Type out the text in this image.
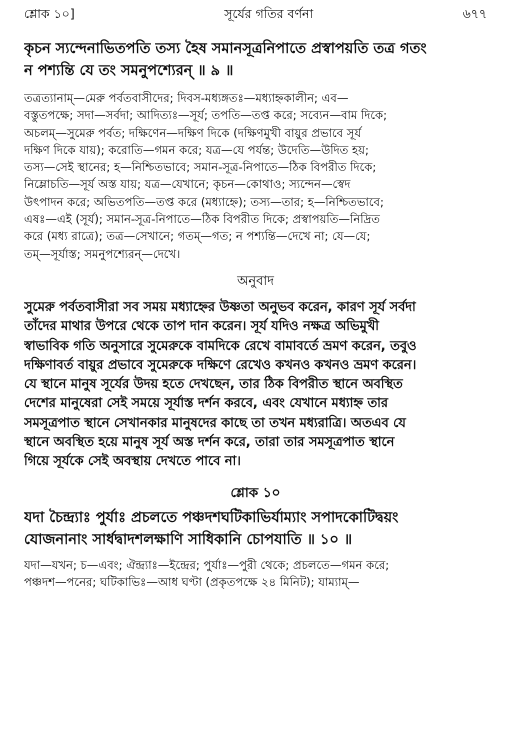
শ্লোক ১০]	সূর্যের গতির বর্ণনা	৬৭৭
কৃচন স্যন্দেনাভিতপতি তস্য হৈষ সমানসূত্রনিপাতে প্রস্বাপয়তি তত্র গতং
ন পশ্যন্তি যে তং সমনুপশ্যেরন্ ॥ ৯ ॥
তত্রত্যানাম্—মেরু পর্বতবাসীদের; দিবস-মধ্যঙ্গতঃ—মধ্যাহ্নকালীন; এব—
বস্তুতপক্ষে; সদা—সর্বদা; আদিত্যঃ—সূর্য; তপতি—তপ্ত করে; সব্যেন—বাম দিকে;
অচলম্—সুমেরু পর্বত; দক্ষিণেন—দক্ষিণ দিকে (দক্ষিণমুখী বায়ুর প্রভাবে সূর্য
দক্ষিণ দিকে যায়); করোতি—গমন করে; যত্র—যে পর্যন্ত; উদেতি—উদিত হয়;
তস্য—সেই স্থানের; হ—নিশ্চিতভাবে; সমান-সূত্র-নিপাতে—ঠিক বিপরীত দিকে;
নিম্লোচতি—সূর্য অস্ত যায়; যত্র—যেখানে; কৃচন—কোথাও; স্যন্দেন—স্বেদ
উৎপাদন করে; অভিতপতি—তপ্ত করে (মধ্যাহ্নে); তস্য—তার; হ—নিশ্চিতভাবে;
এষঃ—এই (সূর্য); সমান-সূত্র-নিপাতে—ঠিক বিপরীত দিকে; প্রস্বাপয়তি—নিদ্রিত
করে (মধ্য রাত্রে); তত্র—সেখানে; গতম্—গত; ন পশ্যন্তি—দেখে না; যে—যে;
তম্—সূর্যাস্ত; সমনুপশ্যেরন্—দেখে।
অনুবাদ
সুমেরু পর্বতবাসীরা সব সময় মধ্যাহ্নের উষ্ণতা অনুভব করেন, কারণ সূর্য সর্বদা
তাঁদের মাথার উপরে থেকে তাপ দান করেন। সূর্য যদিও নক্ষত্র অভিমুখী
স্বাভাবিক গতি অনুসারে সুমেরুকে বামদিকে রেখে বামাবর্তে ভ্রমণ করেন, তবুও
দক্ষিণাবর্ত বায়ুর প্রভাবে সুমেরুকে দক্ষিণে রেখেও কখনও কখনও ভ্রমণ করেন।
যে স্থানে মানুষ সূর্যের উদয় হতে দেখছেন, তার ঠিক বিপরীত স্থানে অবস্থিত
দেশের মানুষেরা সেই সময়ে সূর্যাস্ত দর্শন করবে, এবং যেখানে মধ্যাহ্ন তার
সমসূত্রপাত স্থানে সেখানকার মানুষদের কাছে তা তখন মধ্যরাত্রি। অতএব যে
স্থানে অবস্থিত হয়ে মানুষ সূর্য অস্ত দর্শন করে, তারা তার সমসূত্রপাত স্থানে
গিয়ে সূর্যকে সেই অবস্থায় দেখতে পাবে না।
শ্লোক ১০
যদা চৈন্দ্র্যাঃ পুর্যাঃ প্রচলতে পঞ্চদশঘটিকাভির্যাম্যাং সপাদকোটিদ্বয়ং
যোজনানাং সার্ধদ্বাদশলক্ষাণি সাধিকানি চোপযাতি ॥ ১০ ॥
যদা—যখন; চ—এবং; ঐন্দ্র্যাঃ—ইন্দ্রের; পুর্যাঃ—পুরী থেকে; প্রচলতে—গমন করে;
পঞ্চদশ—পনের; ঘটিকাভিঃ—আধ ঘণ্টা (প্রকৃতপক্ষে ২৪ মিনিট); যাম্যাম্—
